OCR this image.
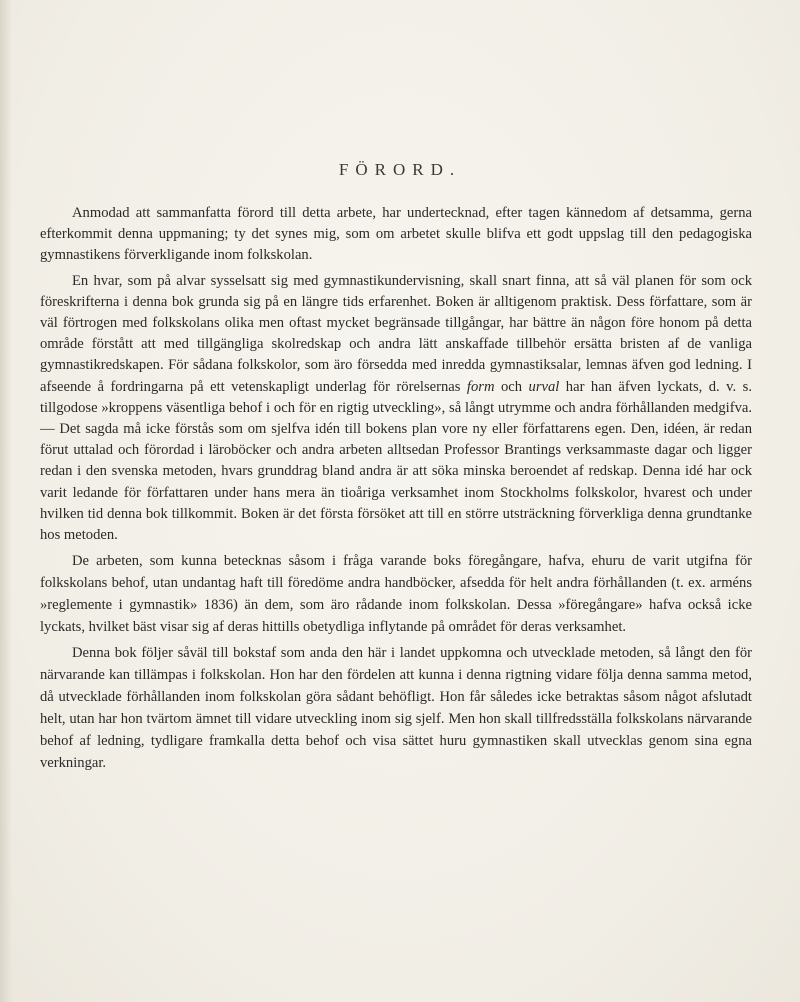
FÖRORD.

Anmodad att sammanfatta förord till detta arbete, har undertecknad, efter tagen kännedom af detsamma, gerna efterkommit denna uppmaning; ty det synes mig, som om arbetet skulle blifva ett godt uppslag till den pedagogiska gymnastikens förverkligande inom folkskolan.

En hvar, som på alvar sysselsatt sig med gymnastikundervisning, skall snart finna, att så väl planen för som ock föreskrifterna i denna bok grunda sig på en längre tids erfarenhet. Boken är alltigenom praktisk. Dess författare, som är väl förtrogen med folkskolans olika men oftast mycket begränsade tillgångar, har bättre än någon före honom på detta område förstått att med tillgängliga skolredskap och andra lätt anskaffade tillbehör ersätta bristen af de vanliga gymnastikredskapen. För sådana folkskolor, som äro försedda med inredda gymnastiksalar, lemnas äfven god ledning. I afseende å fordringarna på ett vetenskapligt underlag för rörelsernas form och urval har han äfven lyckats, d. v. s. tillgodose »kroppens väsentliga behof i och för en rigtig utveckling», så långt utrymme och andra förhållanden medgifva. — Det sagda må icke förstås som om sjelfva idén till bokens plan vore ny eller författarens egen. Den, idéen, är redan förut uttalad och förordad i läroböcker och andra arbeten alltsedan Professor Brantings verksammaste dagar och ligger redan i den svenska metoden, hvars grunddrag bland andra är att söka minska beroendet af redskap. Denna idé har ock varit ledande för författaren under hans mera än tioåriga verksamhet inom Stockholms folkskolor, hvarest och under hvilken tid denna bok tillkommit. Boken är det första försöket att till en större utsträckning förverkliga denna grundtanke hos metoden.

De arbeten, som kunna betecknas såsom i fråga varande boks föregångare, hafva, ehuru de varit utgifna för folkskolans behof, utan undantag haft till föredöme andra handböcker, afsedda för helt andra förhållanden (t. ex. arméns »reglemente i gymnastik» 1836) än dem, som äro rådande inom folkskolan. Dessa »föregångare» hafva också icke lyckats, hvilket bäst visar sig af deras hittills obetydliga inflytande på området för deras verksamhet.

Denna bok följer såväl till bokstaf som anda den här i landet uppkomna och utvecklade metoden, så långt den för närvarande kan tillämpas i folkskolan. Hon har den fördelen att kunna i denna rigtning vidare följa denna samma metod, då utvecklade förhållanden inom folkskolan göra sådant behöfligt. Hon får således icke betraktas såsom något afslutadt helt, utan har hon tvärtom ämnet till vidare utveckling inom sig sjelf. Men hon skall tillfredsställa folkskolans närvarande behof af ledning, tydligare framkalla detta behof och visa sättet huru gymnastiken skall utvecklas genom sina egna verkningar.
